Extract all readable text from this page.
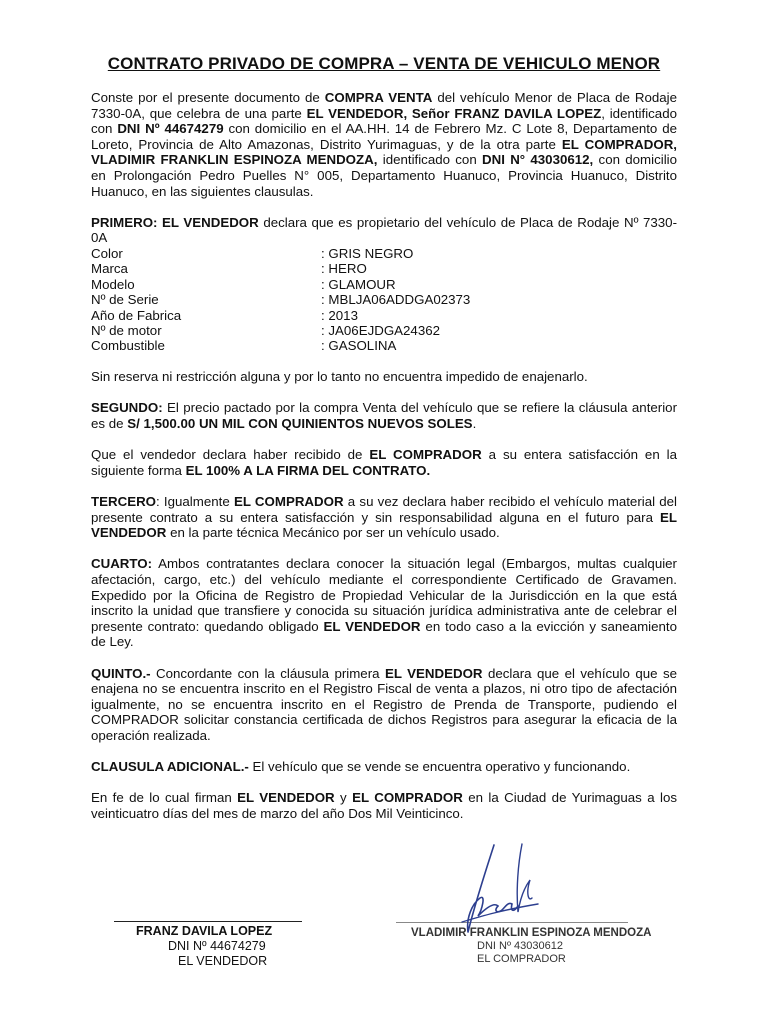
CONTRATO PRIVADO DE COMPRA – VENTA DE VEHICULO MENOR

Conste por el presente documento de COMPRA VENTA del vehículo Menor de Placa de Rodaje 7330-0A, que celebra de una parte EL VENDEDOR, Señor FRANZ DAVILA LOPEZ, identificado con DNI Nº 44674279 con domicilio en el AA.HH. 14 de Febrero Mz. C Lote 8, Departamento de Loreto, Provincia de Alto Amazonas, Distrito Yurimaguas, y de la otra parte EL COMPRADOR, VLADIMIR FRANKLIN ESPINOZA MENDOZA, identificado con DNI N° 43030612, con domicilio en Prolongación Pedro Puelles N° 005, Departamento Huanuco, Provincia Huanuco, Distrito Huanuco, en las siguientes clausulas.

PRIMERO: EL VENDEDOR declara que es propietario del vehículo de Placa de Rodaje Nº 7330-0A

Color	: GRIS NEGRO
Marca	: HERO
Modelo	: GLAMOUR
Nº de Serie	: MBLJA06ADDGA02373
Año de Fabrica	: 2013
Nº de motor	: JA06EJDGA24362
Combustible	: GASOLINA

Sin reserva ni restricción alguna y por lo tanto no encuentra impedido de enajenarlo.

SEGUNDO: El precio pactado por la compra Venta del vehículo que se refiere la cláusula anterior es de S/ 1,500.00 UN MIL CON QUINIENTOS NUEVOS SOLES.

Que el vendedor declara haber recibido de EL COMPRADOR a su entera satisfacción en la siguiente forma EL 100% A LA FIRMA DEL CONTRATO.

TERCERO: Igualmente EL COMPRADOR a su vez declara haber recibido el vehículo material del presente contrato a su entera satisfacción y sin responsabilidad alguna en el futuro para EL VENDEDOR en la parte técnica Mecánico por ser un vehículo usado.

CUARTO: Ambos contratantes declara conocer la situación legal (Embargos, multas cualquier afectación, cargo, etc.) del vehículo mediante el correspondiente Certificado de Gravamen. Expedido por la Oficina de Registro de Propiedad Vehicular de la Jurisdicción en la que está inscrito la unidad que transfiere y conocida su situación jurídica administrativa ante de celebrar el presente contrato: quedando obligado EL VENDEDOR en todo caso a la evicción y saneamiento de Ley.

QUINTO.- Concordante con la cláusula primera EL VENDEDOR declara que el vehículo que se enajena no se encuentra inscrito en el Registro Fiscal de venta a plazos, ni otro tipo de afectación igualmente, no se encuentra inscrito en el Registro de Prenda de Transporte, pudiendo el COMPRADOR solicitar constancia certificada de dichos Registros para asegurar la eficacia de la operación realizada.

CLAUSULA ADICIONAL.- El vehículo que se vende se encuentra operativo y funcionando.

En fe de lo cual firman EL VENDEDOR y EL COMPRADOR en la Ciudad de Yurimaguas a los veinticuatro días del mes de marzo del año Dos Mil Veinticinco.

FRANZ DAVILA LOPEZ
DNI Nº 44674279
EL VENDEDOR
VLADIMIR FRANKLIN ESPINOZA MENDOZA
DNI Nº 43030612
EL COMPRADOR
